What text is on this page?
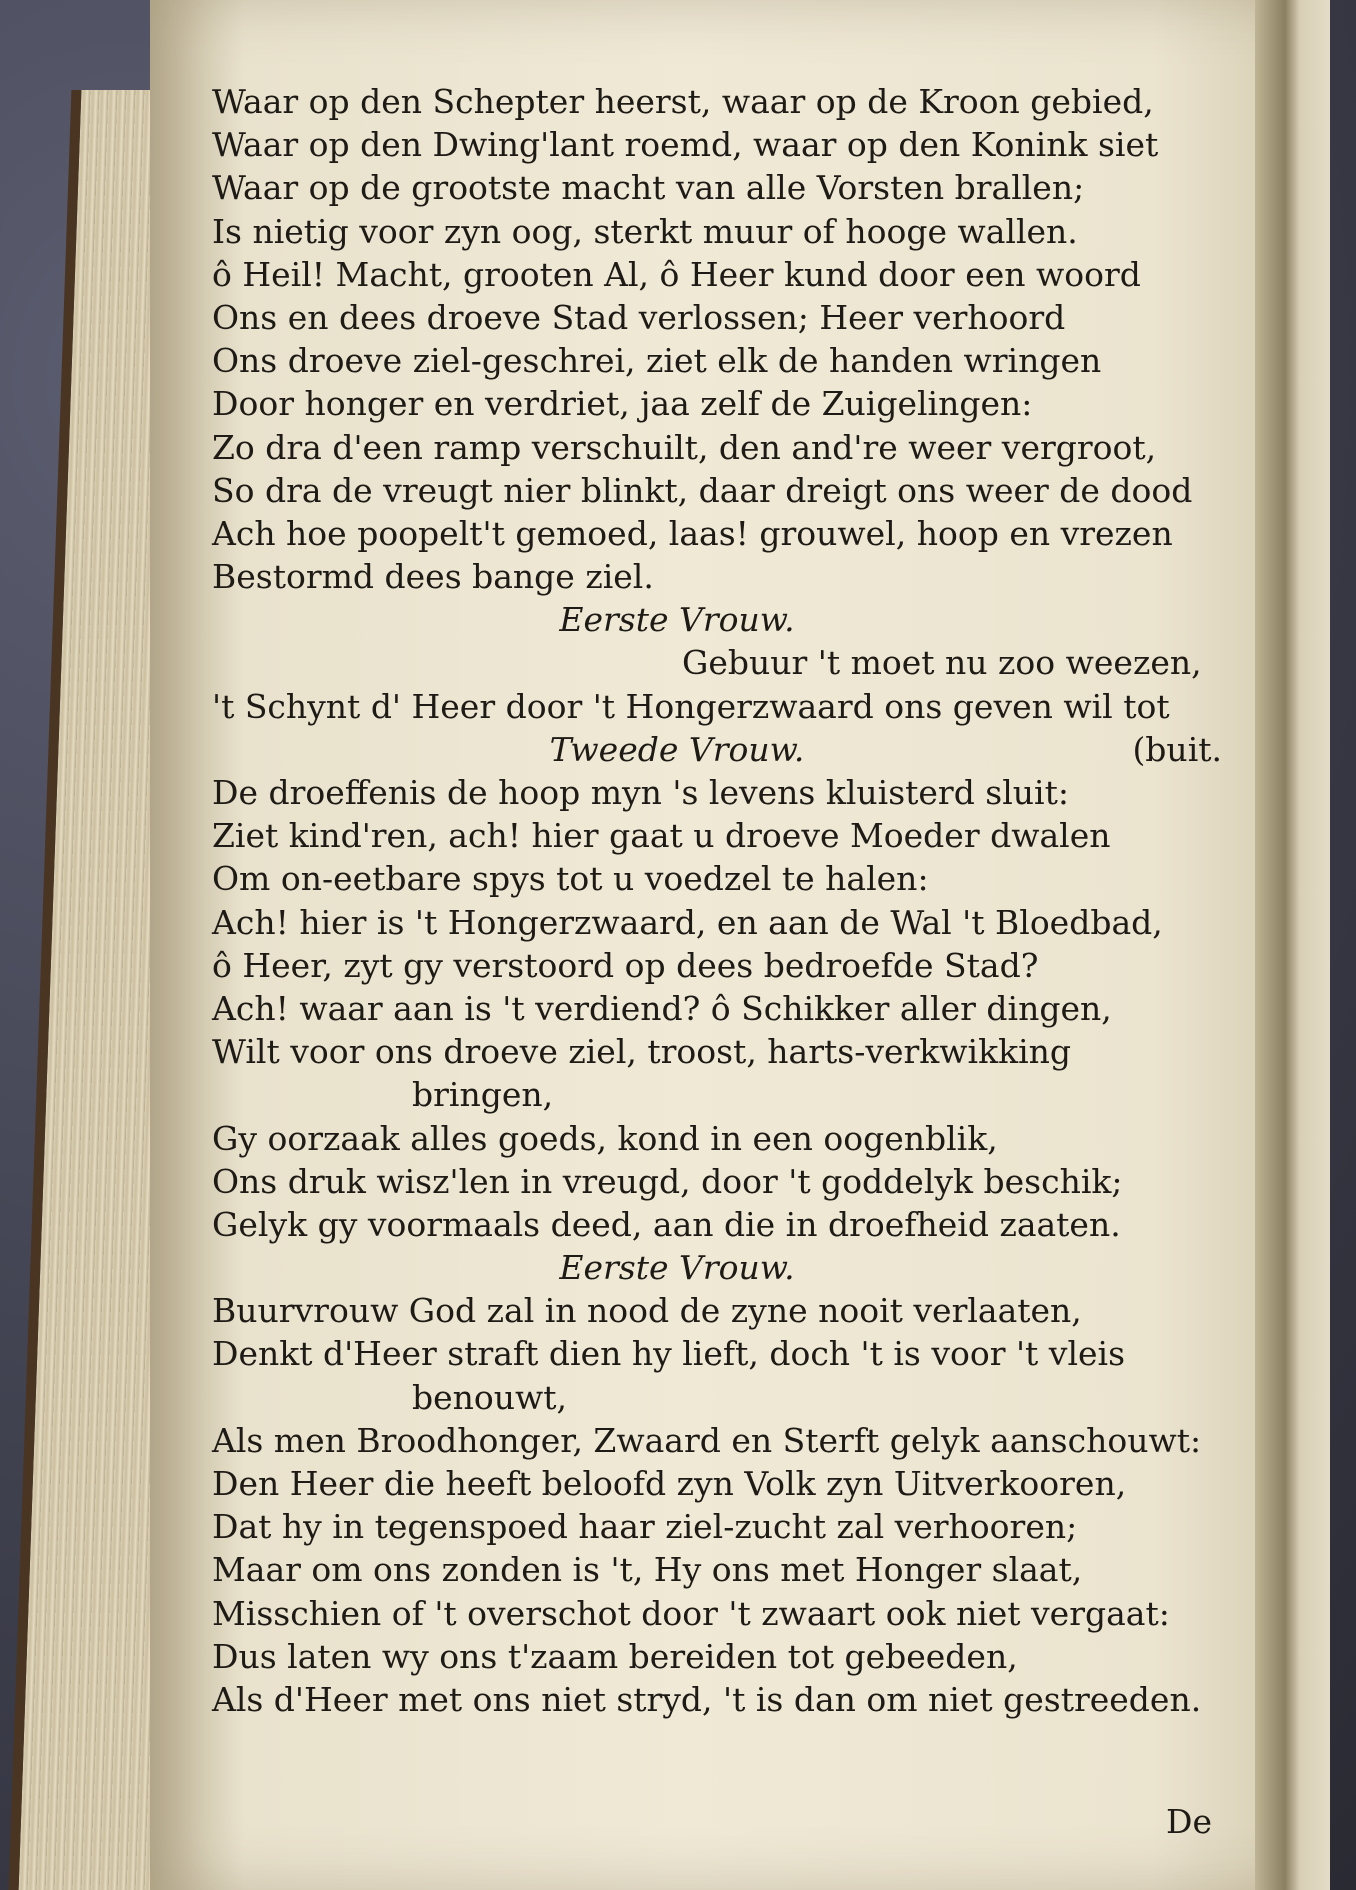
Waar op den Schepter heerst, waar op de Kroon gebied,
Waar op den Dwing'lant roemd, waar op den Konink siet
Waar op de grootste macht van alle Vorsten brallen;
Is nietig voor zyn oog, sterkt muur of hooge wallen.
ô Heil! Macht, grooten Al, ô Heer kund door een woord
Ons en dees droeve Stad verlossen; Heer verhoord
Ons droeve ziel-geschrei, ziet elk de handen wringen
Door honger en verdriet, jaa zelf de Zuigelingen:
Zo dra d'een ramp verschuilt, den and're weer vergroot,
So dra de vreugt nier blinkt, daar dreigt ons weer de dood
Ach hoe poopelt't gemoed, laas! grouwel, hoop en vrezen
Bestormd dees bange ziel.
Eerste Vrouw.
Gebuur 't moet nu zoo weezen,
't Schynt d' Heer door 't Hongerzwaard ons geven wil tot
Tweede Vrouw.	(buit.
De droeffenis de hoop myn 's levens kluisterd sluit:
Ziet kind'ren, ach! hier gaat u droeve Moeder dwalen
Om on-eetbare spys tot u voedzel te halen:
Ach! hier is 't Hongerzwaard, en aan de Wal 't Bloedbad,
ô Heer, zyt gy verstoord op dees bedroefde Stad?
Ach! waar aan is 't verdiend? ô Schikker aller dingen,
Wilt voor ons droeve ziel, troost, harts-verkwikking
bringen,
Gy oorzaak alles goeds, kond in een oogenblik,
Ons druk wisz'len in vreugd, door 't goddelyk beschik;
Gelyk gy voormaals deed, aan die in droefheid zaaten.
Eerste Vrouw.
Buurvrouw God zal in nood de zyne nooit verlaaten,
Denkt d'Heer straft dien hy lieft, doch 't is voor 't vleis
benouwt,
Als men Broodhonger, Zwaard en Sterft gelyk aanschouwt:
Den Heer die heeft beloofd zyn Volk zyn Uitverkooren,
Dat hy in tegenspoed haar ziel-zucht zal verhooren;
Maar om ons zonden is 't, Hy ons met Honger slaat,
Misschien of 't overschot door 't zwaart ook niet vergaat:
Dus laten wy ons t'zaam bereiden tot gebeeden,
Als d'Heer met ons niet stryd, 't is dan om niet gestreeden.
De
